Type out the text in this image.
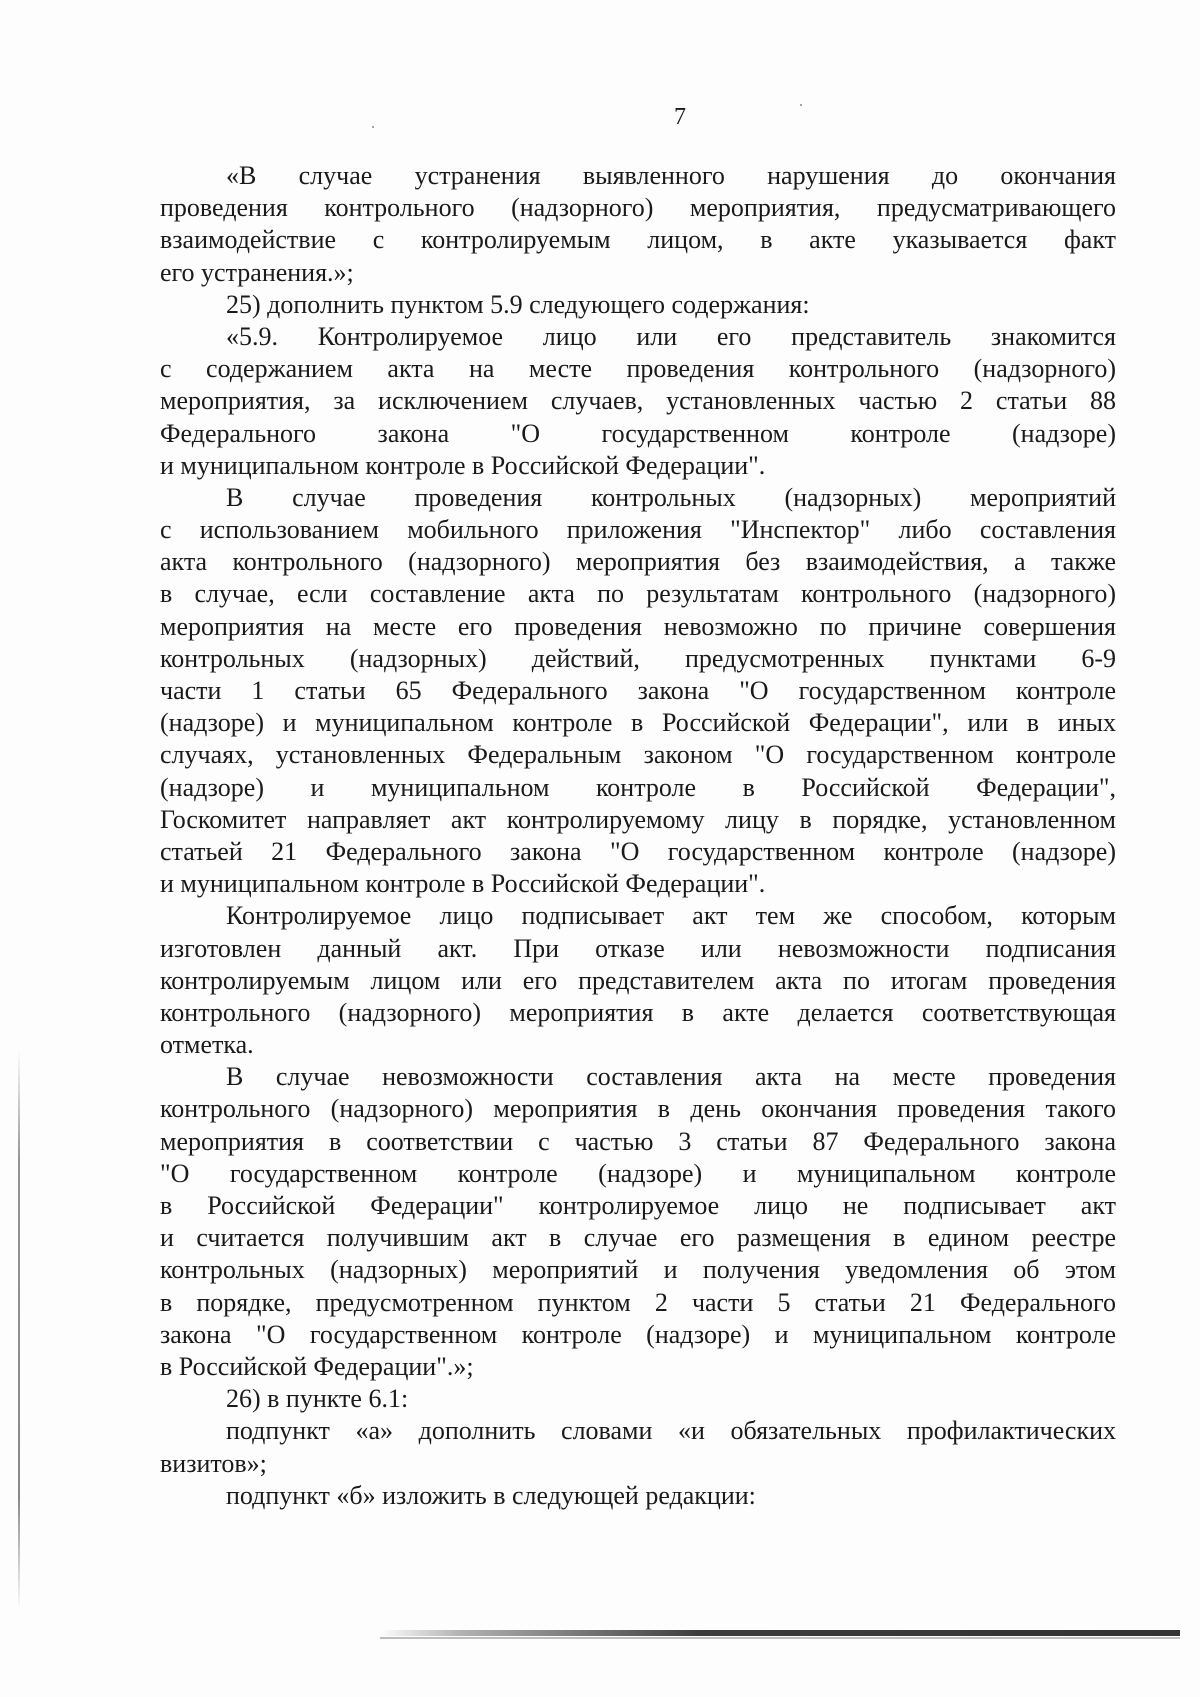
7
«В случае устранения выявленного нарушения до окончания
проведения контрольного (надзорного) мероприятия, предусматривающего
взаимодействие с контролируемым лицом, в акте указывается факт
его устранения.»;
25) дополнить пунктом 5.9 следующего содержания:
«5.9. Контролируемое лицо или его представитель знакомится
с содержанием акта на месте проведения контрольного (надзорного)
мероприятия, за исключением случаев, установленных частью 2 статьи 88
Федерального закона "О государственном контроле (надзоре)
и муниципальном контроле в Российской Федерации".
В случае проведения контрольных (надзорных) мероприятий
с использованием мобильного приложения "Инспектор" либо составления
акта контрольного (надзорного) мероприятия без взаимодействия, а также
в случае, если составление акта по результатам контрольного (надзорного)
мероприятия на месте его проведения невозможно по причине совершения
контрольных (надзорных) действий, предусмотренных пунктами 6-9
части 1 статьи 65 Федерального закона "О государственном контроле
(надзоре) и муниципальном контроле в Российской Федерации", или в иных
случаях, установленных Федеральным законом "О государственном контроле
(надзоре) и муниципальном контроле в Российской Федерации",
Госкомитет направляет акт контролируемому лицу в порядке, установленном
статьей 21 Федерального закона "О государственном контроле (надзоре)
и муниципальном контроле в Российской Федерации".
Контролируемое лицо подписывает акт тем же способом, которым
изготовлен данный акт. При отказе или невозможности подписания
контролируемым лицом или его представителем акта по итогам проведения
контрольного (надзорного) мероприятия в акте делается соответствующая
отметка.
В случае невозможности составления акта на месте проведения
контрольного (надзорного) мероприятия в день окончания проведения такого
мероприятия в соответствии с частью 3 статьи 87 Федерального закона
"О государственном контроле (надзоре) и муниципальном контроле
в Российской Федерации" контролируемое лицо не подписывает акт
и считается получившим акт в случае его размещения в едином реестре
контрольных (надзорных) мероприятий и получения уведомления об этом
в порядке, предусмотренном пунктом 2 части 5 статьи 21 Федерального
закона "О государственном контроле (надзоре) и муниципальном контроле
в Российской Федерации".»;
26) в пункте 6.1:
подпункт «а» дополнить словами «и обязательных профилактических
визитов»;
подпункт «б» изложить в следующей редакции:
